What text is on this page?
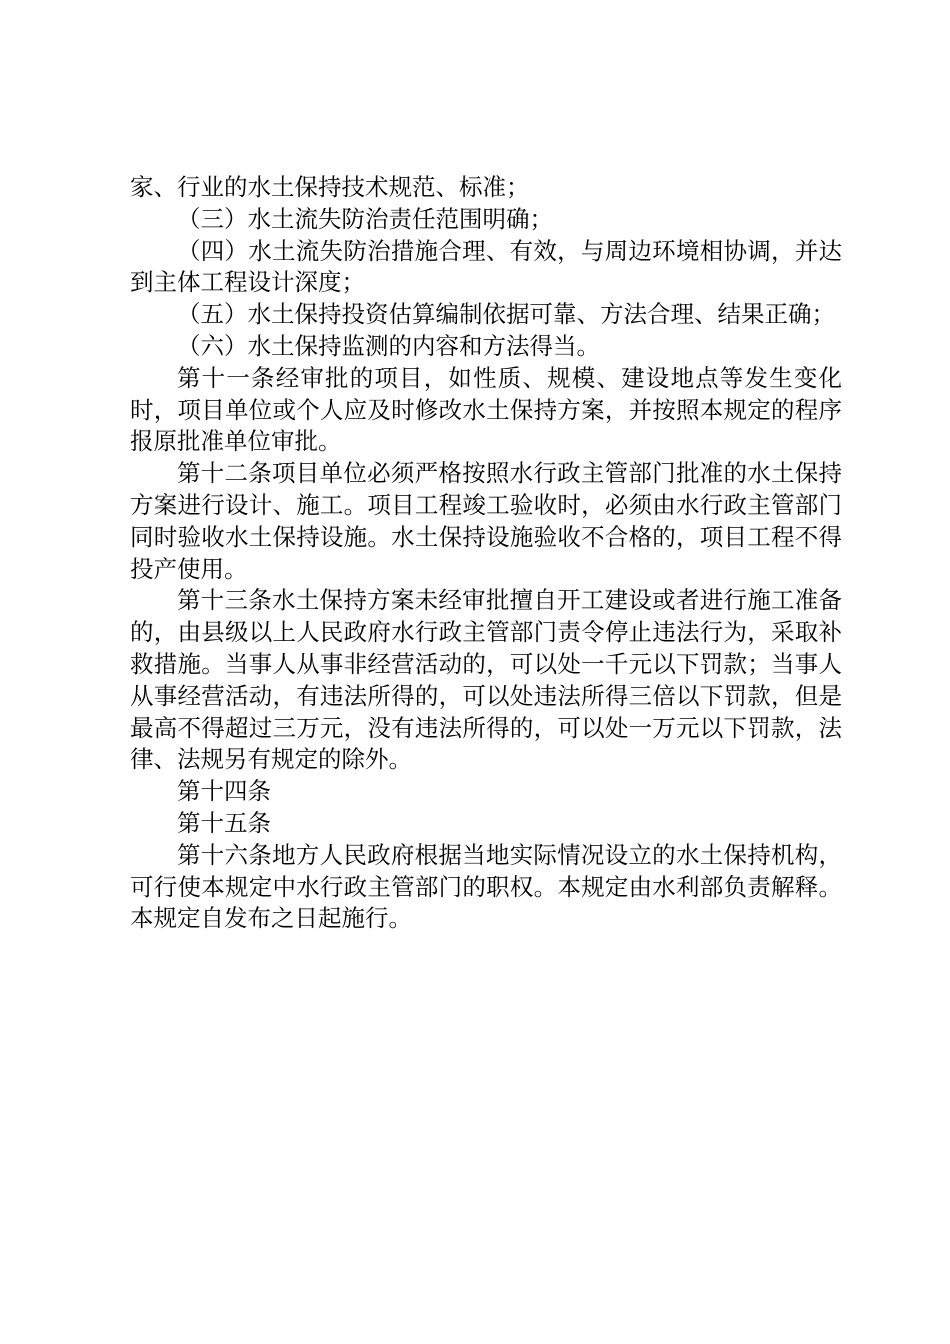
家、行业的水土保持技术规范、标准；

（三）水土流失防治责任范围明确；

（四）水土流失防治措施合理、有效，与周边环境相协调，并达到主体工程设计深度；

（五）水土保持投资估算编制依据可靠、方法合理、结果正确；

（六）水土保持监测的内容和方法得当。

第十一条经审批的项目，如性质、规模、建设地点等发生变化时，项目单位或个人应及时修改水土保持方案，并按照本规定的程序报原批准单位审批。

第十二条项目单位必须严格按照水行政主管部门批准的水土保持方案进行设计、施工。项目工程竣工验收时，必须由水行政主管部门同时验收水土保持设施。水土保持设施验收不合格的，项目工程不得投产使用。

第十三条水土保持方案未经审批擅自开工建设或者进行施工准备的，由县级以上人民政府水行政主管部门责令停止违法行为，采取补救措施。当事人从事非经营活动的，可以处一千元以下罚款；当事人从事经营活动，有违法所得的，可以处违法所得三倍以下罚款，但是最高不得超过三万元，没有违法所得的，可以处一万元以下罚款，法律、法规另有规定的除外。

第十四条

第十五条

第十六条地方人民政府根据当地实际情况设立的水土保持机构，可行使本规定中水行政主管部门的职权。本规定由水利部负责解释。本规定自发布之日起施行。
